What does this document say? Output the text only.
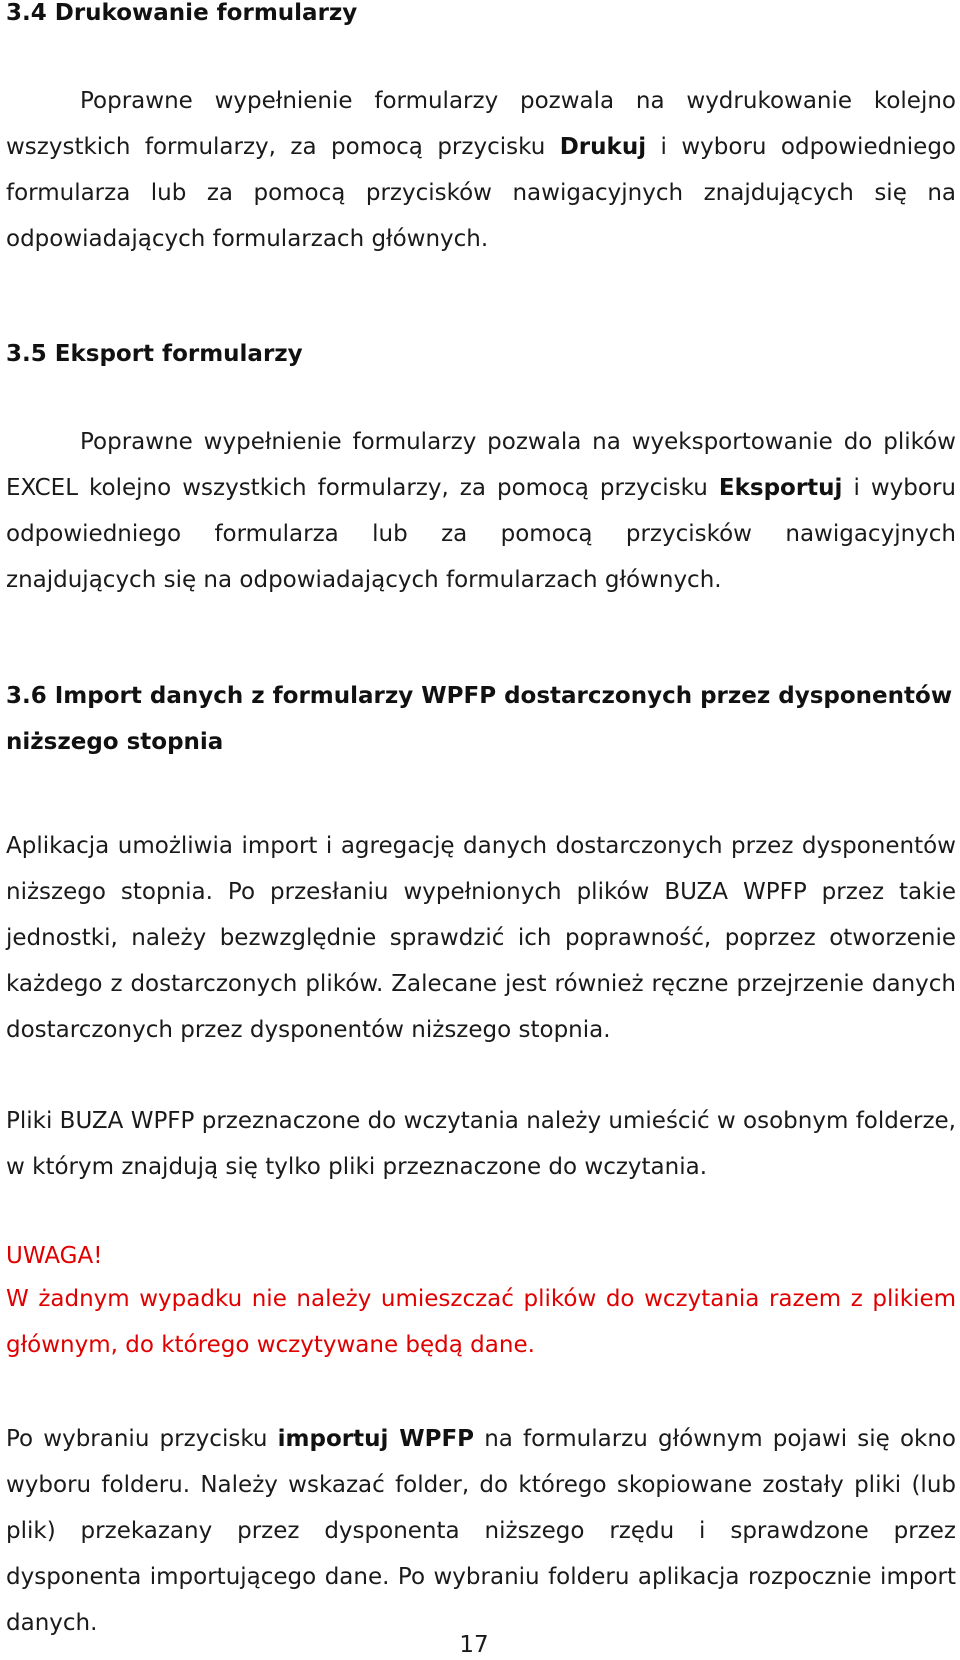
3.4 Drukowanie formularzy

Poprawne wypełnienie formularzy pozwala na wydrukowanie kolejno wszystkich formularzy, za pomocą przycisku Drukuj i wyboru odpowiedniego formularza lub za pomocą przycisków nawigacyjnych znajdujących się na odpowiadających formularzach głównych.

3.5 Eksport formularzy

Poprawne wypełnienie formularzy pozwala na wyeksportowanie do plików EXCEL kolejno wszystkich formularzy, za pomocą przycisku Eksportuj i wyboru odpowiedniego formularza lub za pomocą przycisków nawigacyjnych znajdujących się na odpowiadających formularzach głównych.

3.6 Import danych z formularzy WPFP dostarczonych przez dysponentów niższego stopnia

Aplikacja umożliwia import i agregację danych dostarczonych przez dysponentów niższego stopnia. Po przesłaniu wypełnionych plików BUZA WPFP przez takie jednostki, należy bezwzględnie sprawdzić ich poprawność, poprzez otworzenie każdego z dostarczonych plików. Zalecane jest również ręczne przejrzenie danych dostarczonych przez dysponentów niższego stopnia.

Pliki BUZA WPFP przeznaczone do wczytania należy umieścić w osobnym folderze, w którym znajdują się tylko pliki przeznaczone do wczytania.

UWAGA!

W żadnym wypadku nie należy umieszczać plików do wczytania razem z plikiem głównym, do którego wczytywane będą dane.

Po wybraniu przycisku importuj WPFP na formularzu głównym pojawi się okno wyboru folderu. Należy wskazać folder, do którego skopiowane zostały pliki (lub plik) przekazany przez dysponenta niższego rzędu i sprawdzone przez dysponenta importującego dane. Po wybraniu folderu aplikacja rozpocznie import danych.

17
